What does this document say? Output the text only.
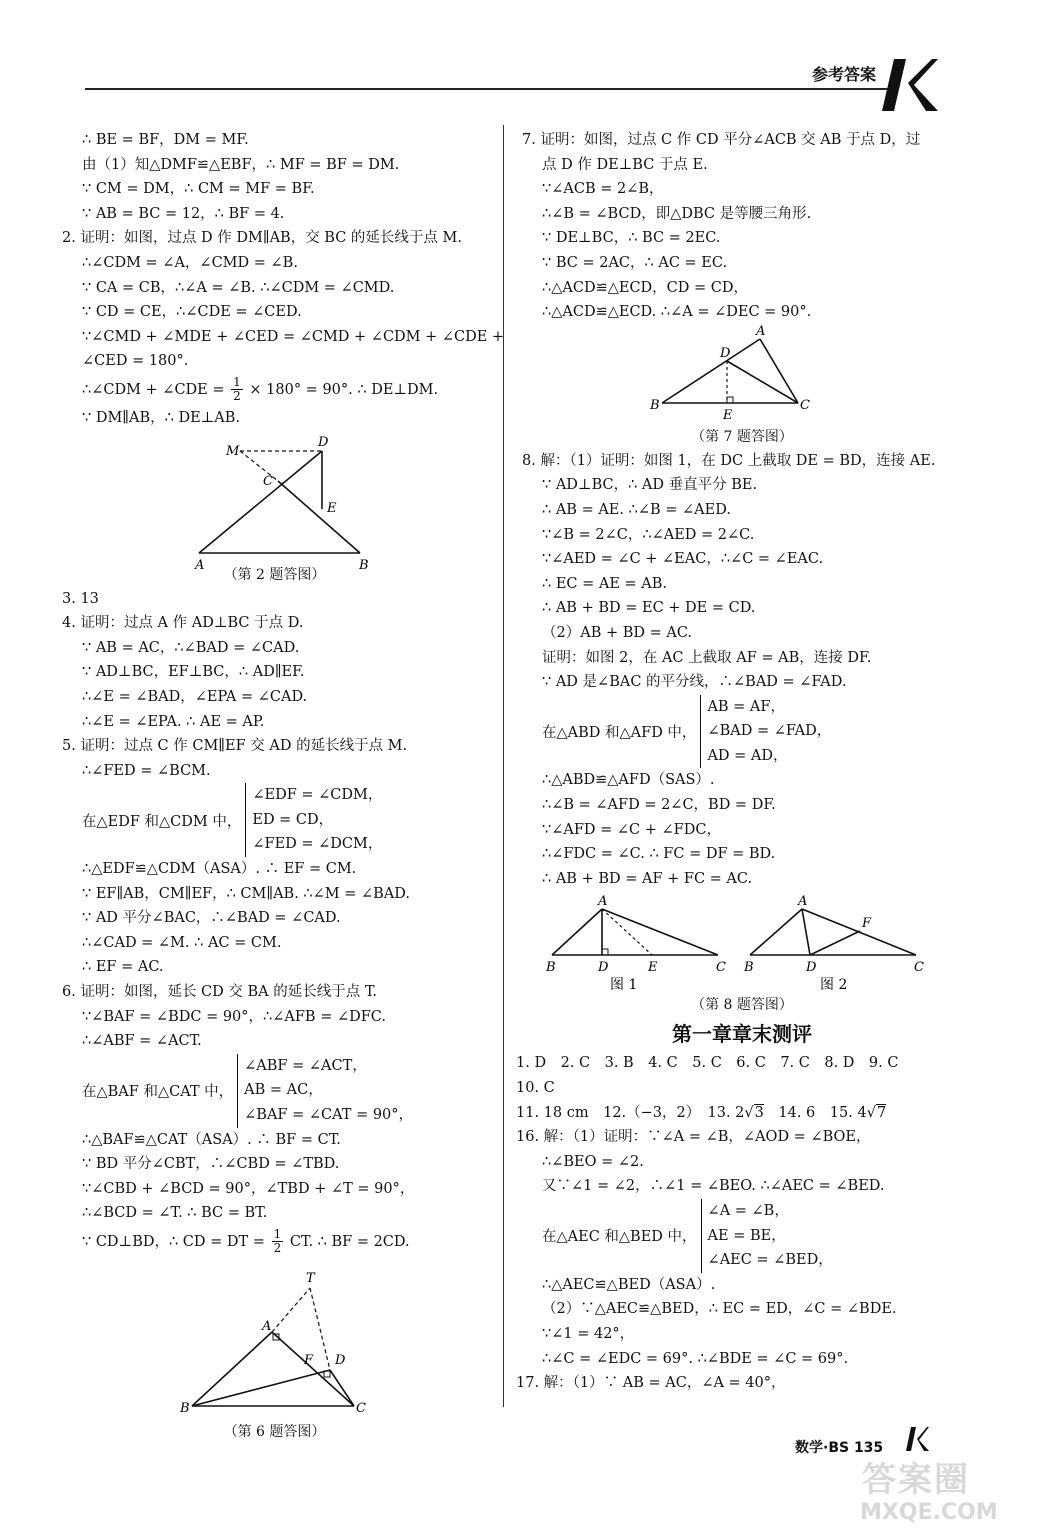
参考答案
∴ BE = BF，DM = MF.
由（1）知△DMF≌△EBF，∴ MF = BF = DM.
∵ CM = DM，∴ CM = MF = BF.
∵ AB = BC = 12，∴ BF = 4.
2. 证明：如图，过点 D 作 DM∥AB，交 BC 的延长线于点 M.
∴∠CDM = ∠A，∠CMD = ∠B.
∵ CA = CB，∴∠A = ∠B. ∴∠CDM = ∠CMD.
∵ CD = CE，∴∠CDE = ∠CED.
∵∠CMD + ∠MDE + ∠CED = ∠CMD + ∠CDM + ∠CDE +
∠CED = 180°.
∴∠CDM + ∠CDE = $\frac{1}{2} \times 180^\circ = 90^\circ$. ∴ DE⊥DM.
∵ DM∥AB，∴ DE⊥AB.
M
D
C
E
A	B
（第 2 题答图）
3. 13
4. 证明：过点 A 作 AD⊥BC 于点 D.
∵ AB = AC，∴∠BAD = ∠CAD.
∵ AD⊥BC，EF⊥BC，∴ AD∥EF.
∴∠E = ∠BAD，∠EPA = ∠CAD.
∴∠E = ∠EPA. ∴ AE = AP.
5. 证明：过点 C 作 CM∥EF 交 AD 的延长线于点 M.
∴∠FED = ∠BCM.
在△EDF 和△CDM 中，
∠EDF = ∠CDM，
ED = CD，
∠FED = ∠DCM，
∴△EDF≌△CDM（ASA）. ∴ EF = CM.
∵ EF∥AB，CM∥EF，∴ CM∥AB. ∴∠M = ∠BAD.
∵ AD 平分∠BAC，∴∠BAD = ∠CAD.
∴∠CAD = ∠M. ∴ AC = CM.
∴ EF = AC.
6. 证明：如图，延长 CD 交 BA 的延长线于点 T.
∵∠BAF = ∠BDC = 90°，∴∠AFB = ∠DFC.
∴∠ABF = ∠ACT.
在△BAF 和△CAT 中，
∠ABF = ∠ACT，
AB = AC，
∠BAF = ∠CAT = 90°，
∴△BAF≌△CAT（ASA）. ∴ BF = CT.
∵ BD 平分∠CBT，∴∠CBD = ∠TBD.
∵∠CBD + ∠BCD = 90°，∠TBD + ∠T = 90°，
∴∠BCD = ∠T. ∴ BC = BT.
∵ CD⊥BD，∴ CD = DT = $\frac{1}{2}$ CT. ∴ BF = 2CD.
T
A
F D
B	C
（第 6 题答图）
7. 证明：如图，过点 C 作 CD 平分∠ACB 交 AB 于点 D，过
点 D 作 DE⊥BC 于点 E.
∵∠ACB = 2∠B，
∴∠B = ∠BCD，即△DBC 是等腰三角形.
∵ DE⊥BC，∴ BC = 2EC.
∵ BC = 2AC，∴ AC = EC.
∴△ACD≌△ECD，CD = CD，
∴△ACD≌△ECD. ∴∠A = ∠DEC = 90°.
A
D
B
E
C
（第 7 题答图）
8. 解：（1）证明：如图 1，在 DC 上截取 DE = BD，连接 AE.
∵ AD⊥BC，∴ AD 垂直平分 BE.
∴ AB = AE. ∴∠B = ∠AED.
∵∠B = 2∠C，∴∠AED = 2∠C.
∵∠AED = ∠C + ∠EAC，∴∠C = ∠EAC.
∴ EC = AE = AB.
∴ AB + BD = EC + DE = CD.
（2）AB + BD = AC.
证明：如图 2，在 AC 上截取 AF = AB，连接 DF.
∵ AD 是∠BAC 的平分线，∴∠BAD = ∠FAD.
在△ABD 和△AFD 中，
AB = AF，
∠BAD = ∠FAD，
AD = AD，
∴△ABD≌△AFD（SAS）.
∴∠B = ∠AFD = 2∠C，BD = DF.
∵∠AFD = ∠C + ∠FDC，
∴∠FDC = ∠C. ∴ FC = DF = BD.
∴ AB + BD = AF + FC = AC.
A
B	D	E	C
图 1
A
F
B	D	C
图 2
（第 8 题答图）
第一章章末测评
1. D　2. C　3. B　4. C　5. C　6. C　7. C　8. D　9. C
10. C
11. 18 cm　12.（−3，2）　13. 2√3　14. 6　15. 4√7
16. 解：（1）证明：∵∠A = ∠B，∠AOD = ∠BOE，
∴∠BEO = ∠2.
又∵∠1 = ∠2，∴∠1 = ∠BEO. ∴∠AEC = ∠BED.
在△AEC 和△BED 中，
∠A = ∠B，
AE = BE，
∠AEC = ∠BED，
∴△AEC≌△BED（ASA）.
（2）∵△AEC≌△BED，∴ EC = ED，∠C = ∠BDE.
∵∠1 = 42°，
∴∠C = ∠EDC = 69°. ∴∠BDE = ∠C = 69°.
17. 解：（1）∵ AB = AC，∠A = 40°，
数学·BS 135
答案圈
MXQE.COM
